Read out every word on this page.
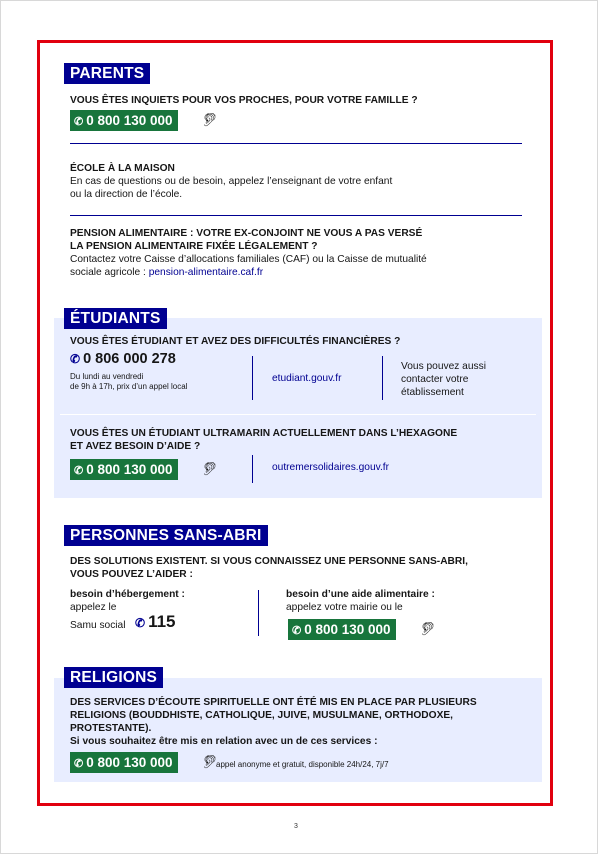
PARENTS
VOUS ÊTES INQUIETS POUR VOS PROCHES, POUR VOTRE FAMILLE ?
✆ 0 800 130 000	🦻︎
ÉCOLE À LA MAISON
En cas de questions ou de besoin, appelez l’enseignant de votre enfant
ou la direction de l’école.
PENSION ALIMENTAIRE : VOTRE EX-CONJOINT NE VOUS A PAS VERSÉ
LA PENSION ALIMENTAIRE FIXÉE LÉGALEMENT ?
Contactez votre Caisse d’allocations familiales (CAF) ou la Caisse de mutualité
sociale agricole : pension-alimentaire.caf.fr
ÉTUDIANTS
VOUS ÊTES ÉTUDIANT ET AVEZ DES DIFFICULTÉS FINANCIÈRES ?
✆ 0 806 000 278
Du lundi au vendredi
de 9h à 17h, prix d’un appel local
etudiant.gouv.fr
Vous pouvez aussi
contacter votre
établissement
VOUS ÊTES UN ÉTUDIANT ULTRAMARIN ACTUELLEMENT DANS L’HEXAGONE
ET AVEZ BESOIN D’AIDE ?
✆ 0 800 130 000	🦻︎	outremersolidaires.gouv.fr
PERSONNES SANS-ABRI
DES SOLUTIONS EXISTENT. SI VOUS CONNAISSEZ UNE PERSONNE SANS-ABRI,
VOUS POUVEZ L’AIDER :
besoin d’hébergement :
appelez le
Samu social ✆ 115
besoin d’une aide alimentaire :
appelez votre mairie ou le
✆ 0 800 130 000	🦻︎
RELIGIONS
DES SERVICES D’ÉCOUTE SPIRITUELLE ONT ÉTÉ MIS EN PLACE PAR PLUSIEURS
RELIGIONS (BOUDDHISTE, CATHOLIQUE, JUIVE, MUSULMANE, ORTHODOXE,
PROTESTANTE).
Si vous souhaitez être mis en relation avec un de ces services :
✆ 0 800 130 000	🦻︎ appel anonyme et gratuit, disponible 24h/24, 7j/7
3
